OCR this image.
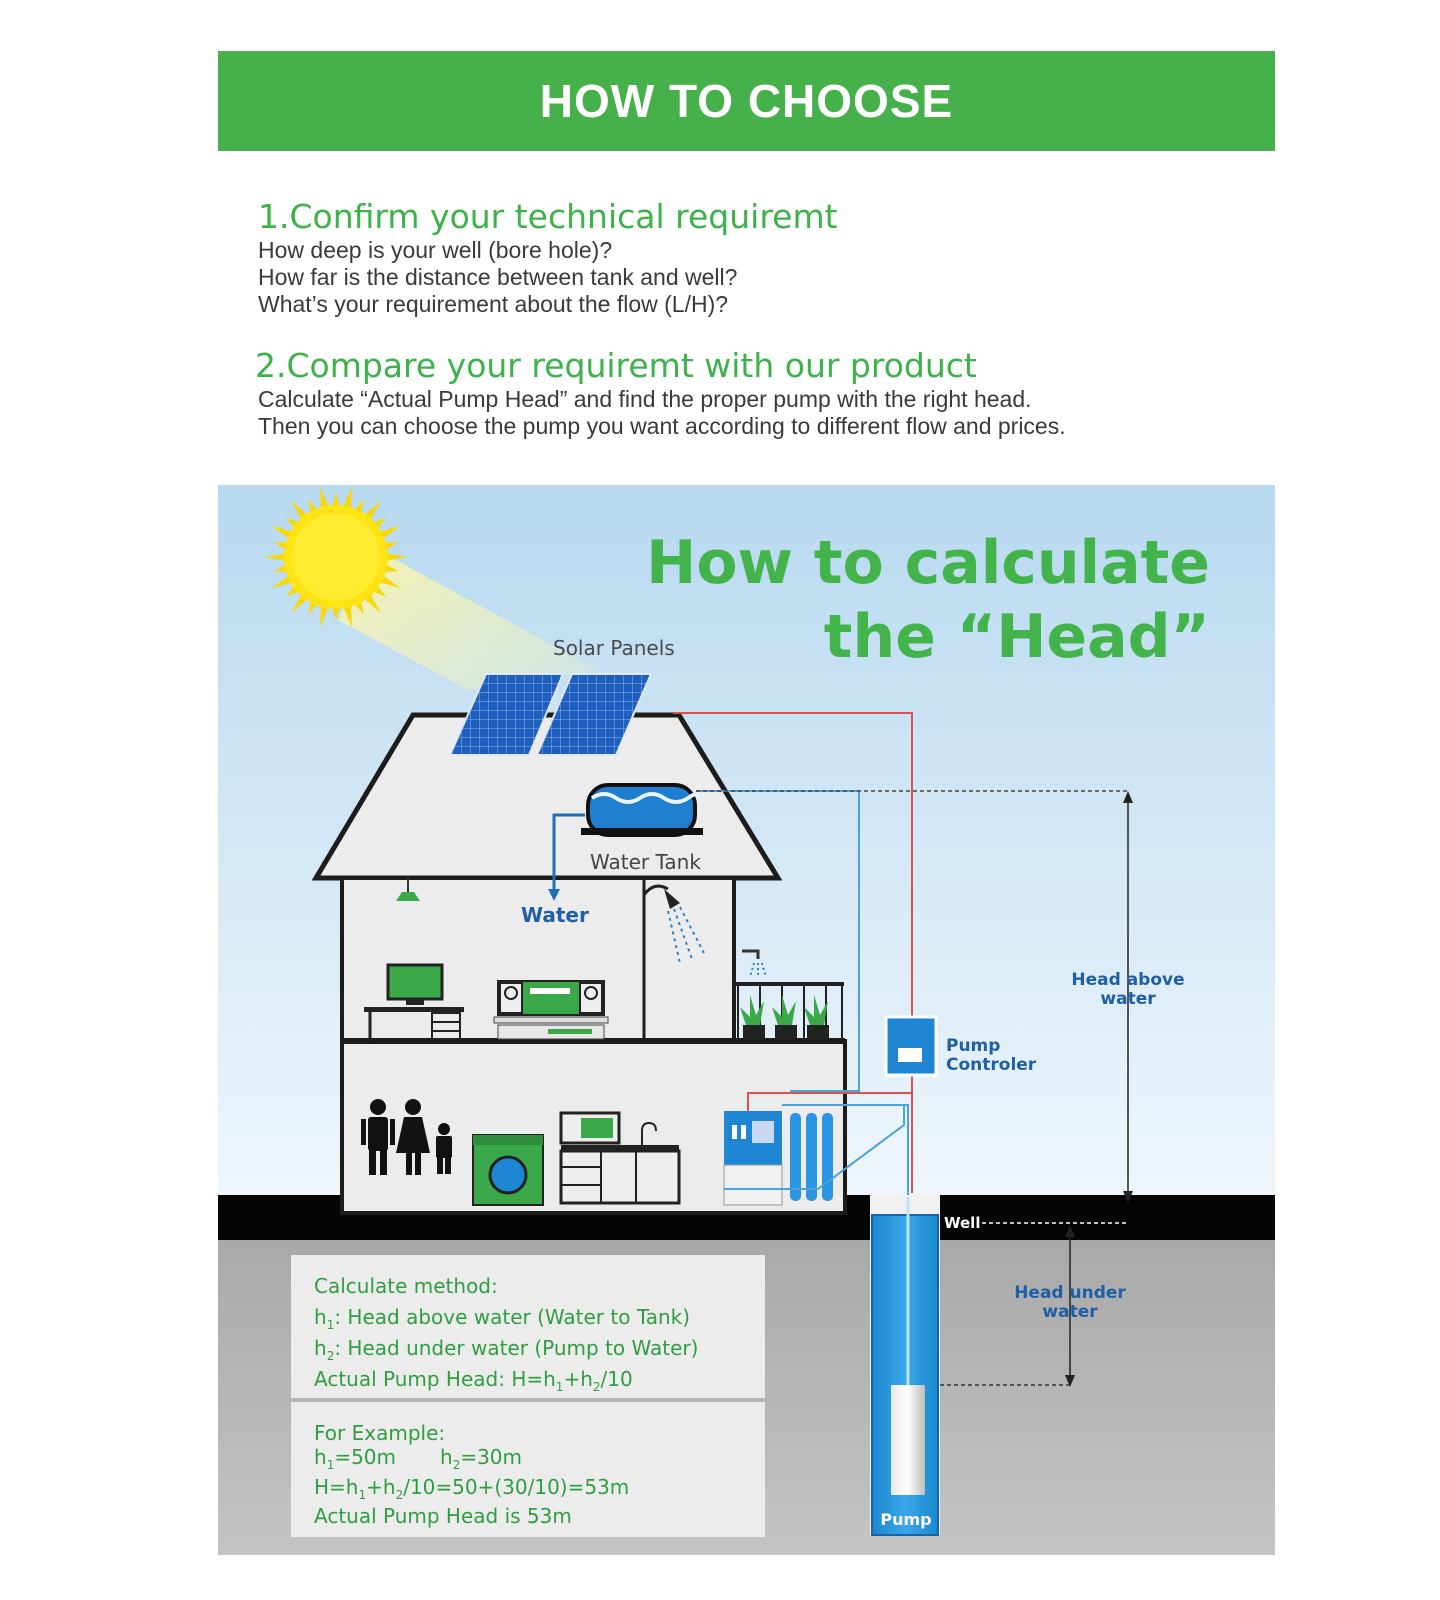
HOW TO CHOOSE
1.Confirm your technical requiremt
How deep is your well (bore hole)?
How far is the distance between tank and well?
What’s your requirement about the flow (L/H)?
2.Compare your requiremt with our product
Calculate “Actual Pump Head” and find the proper pump with the right head.
Then you can choose the pump you want according to different flow and prices.
How to calculate
the “Head”
Solar Panels
Water Tank
Water
Pump
Controler
Head above
water
Pump
Well
Head under
water
Calculate method:
$h_1$: Head above water (Water to Tank)
$h_2$: Head under water (Pump to Water)
Actual Pump Head: $H=h_1+h_2/10$
For Example:
$h_1=50m$ $h_2=30m$
$H=h_1+h_2/10=50+(30/10)=53m$
Actual Pump Head is 53m
